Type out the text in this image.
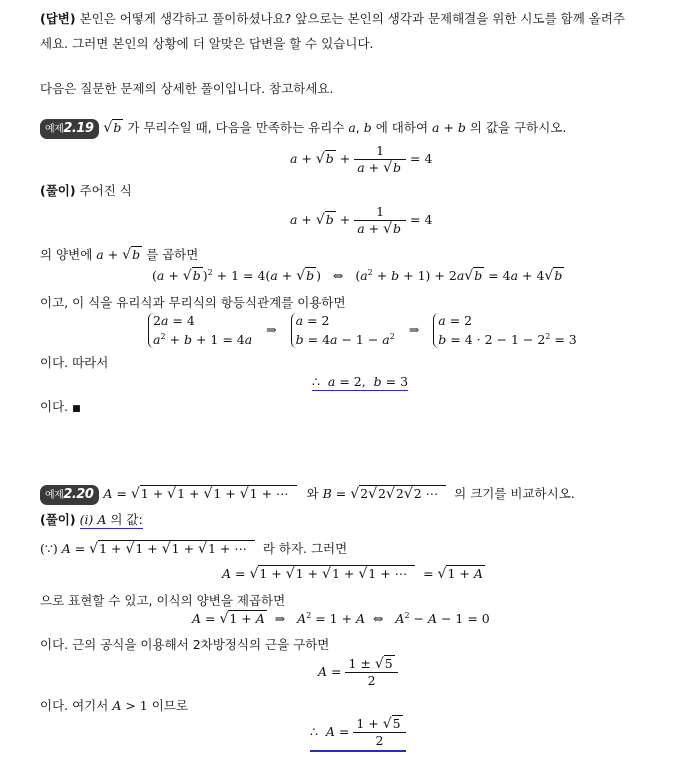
(답변) 본인은 어떻게 생각하고 풀이하셨나요? 앞으로는 본인의 생각과 문제해결을 위한 시도를 함께 올려주
세요. 그러면 본인의 상황에 더 알맞은 답변을 할 수 있습니다.
다음은 질문한 문제의 상세한 풀이입니다. 참고하세요.
예제2.19 √b 가 무리수일 때, 다음을 만족하는 유리수 a, b 에 대하여 a + b 의 값을 구하시오.
$a + √b + \frac{1}{a + √b} = 4$
(풀이) 주어진 식
$a + √b + \frac{1}{a + √b} = 4$
의 양변에 a + √b 를 곱하면
(a + √b )$^2$ + 1 = 4(a + √b )   ⇔   $(a^2 + b + 1) + 2a√b = 4a + 4√b$
이고, 이 식을 유리식과 무리식의 항등식관계를 이용하면
2a = 4
$a^2 + b + 1 = 4a$ ⇒ a = 2
$b = 4a - 1 - a^2$ ⇒ a = 2
$b = 4 \cdot 2 - 1 - 2^2 = 3$
이다. 따라서
∴  a = 2,  b = 3
이다. ■
예제2.20 A = √1 + √1 + √1 + √1 + ⋯ 와 B = √2√2√2√2 ⋯ 의 크기를 비교하시오.
(풀이) (i) A 의 값:
(∵) A = √1 + √1 + √1 + √1 + ⋯ 라 하자. 그러면
A = √1 + √1 + √1 + √1 + ⋯  = √1 + A
으로 표현할 수 있고, 이식의 양변을 제곱하면
A = √1 + A  ⇒   $A^2 = 1 + A$  ⇔   $A^2 - A - 1 = 0$
이다. 근의 공식을 이용해서 2차방정식의 근을 구하면
$A = \frac{1 \pm √5}{2}$
이다. 여기서 A > 1 이므로
∴  $A = \frac{1 + √5}{2}$
